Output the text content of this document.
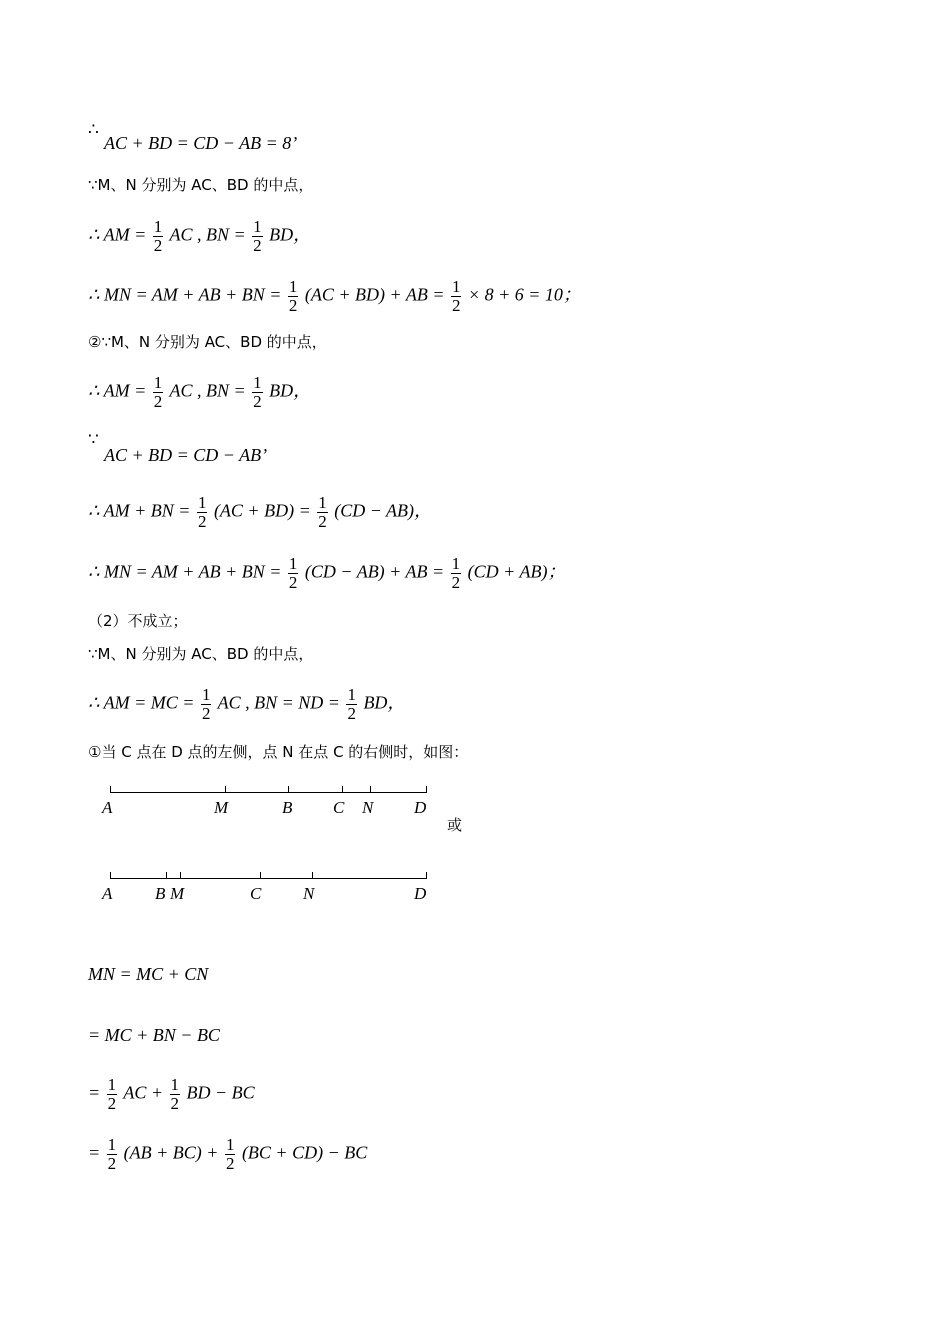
∴
AC + BD = CD − AB = 8’
∵M、N 分别为 AC、BD 的中点，
∴ AM = $\frac{1}{2}$ AC , BN = $\frac{1}{2}$ BD，
∴ MN = AM + AB + BN = $\frac{1}{2} (AC + BD)$ + AB = $\frac{1}{2} \times 8 + 6 = 10$；
②∵M、N 分别为 AC、BD 的中点，
∴ AM = $\frac{1}{2}$ AC , BN = $\frac{1}{2}$ BD，
∵
AC + BD = CD − AB’
∴ AM + BN = $\frac{1}{2} (AC + BD) = \frac{1}{2} (CD - AB)$，
∴ MN = AM + AB + BN = $\frac{1}{2} (CD - AB)$ + AB = $\frac{1}{2} (CD + AB)$；
（2）不成立；
∵M、N 分别为 AC、BD 的中点，
∴ AM = MC = $\frac{1}{2}$ AC , BN = ND = $\frac{1}{2}$ BD，
①当 C 点在 D 点的左侧，点 N 在点 C 的右侧时，如图：
A	M	B C N D
或
A	B M	C N	D
MN = MC + CN
= MC + BN − BC
= $\frac{1}{2}$ AC + $\frac{1}{2}$ BD − BC
= $\frac{1}{2} (AB + BC) + \frac{1}{2} (BC + CD)$ − BC
